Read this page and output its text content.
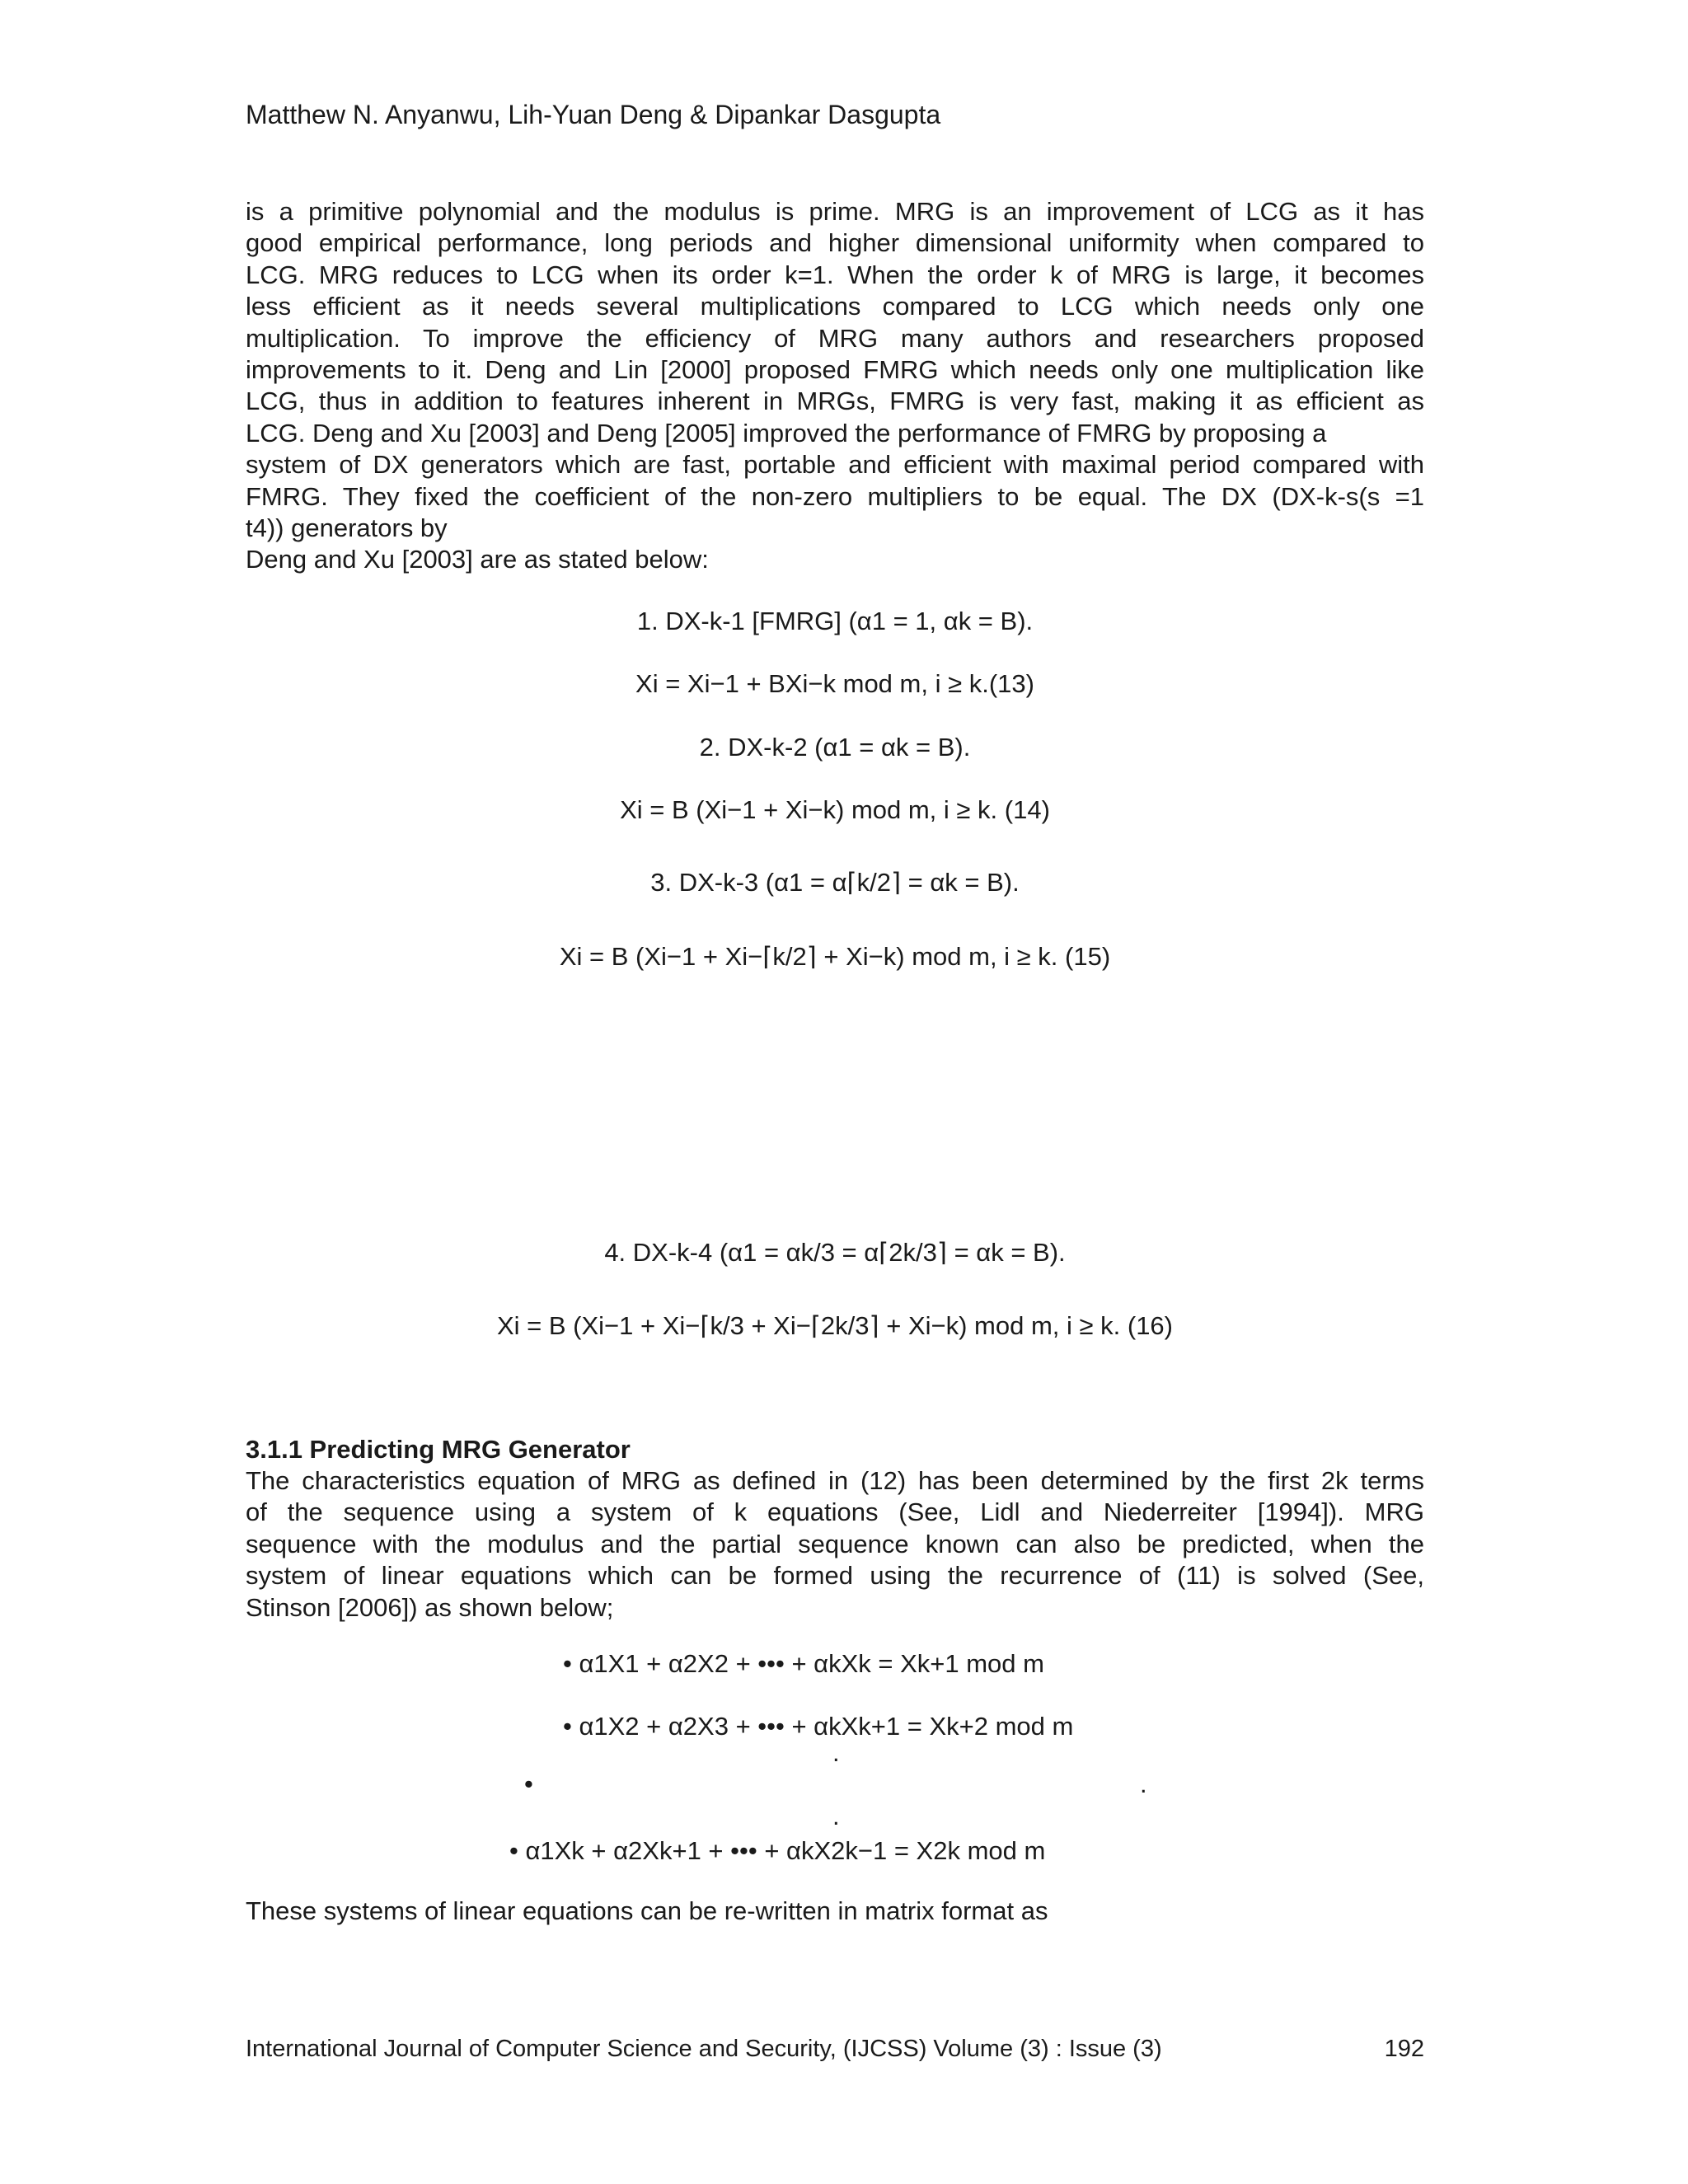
Matthew N. Anyanwu, Lih-Yuan Deng & Dipankar Dasgupta
is a primitive polynomial and the modulus is prime. MRG is an improvement of LCG as it has
good empirical performance, long periods and higher dimensional uniformity when compared to
LCG. MRG reduces to LCG when its order k=1. When the order k of MRG is large, it becomes
less efficient as it needs several multiplications compared to LCG which needs only one
multiplication. To improve the efficiency of MRG many authors and researchers proposed
improvements to it. Deng and Lin [2000] proposed FMRG which needs only one multiplication like
LCG, thus in addition to features inherent in MRGs, FMRG is very fast, making it as efficient as
LCG. Deng and Xu [2003] and Deng [2005] improved the performance of FMRG by proposing a
system of DX generators which are fast, portable and efficient with maximal period compared with
FMRG. They fixed the coefficient of the non-zero multipliers to be equal. The DX (DX-k-s(s =1
t4)) generators by
Deng and Xu [2003] are as stated below:
1. DX-k-1 [FMRG] (α1 = 1, αk = B).
Xi = Xi−1 + BXi−k mod m, i ≥ k.(13)
2. DX-k-2 (α1 = αk = B).
Xi = B (Xi−1 + Xi−k) mod m, i ≥ k. (14)
3. DX-k-3 (α1 = α⌈k/2⌉ = αk = B).
Xi = B (Xi−1 + Xi−⌈k/2⌉ + Xi−k) mod m, i ≥ k. (15)
4. DX-k-4 (α1 = αk/3 = α⌈2k/3⌉ = αk = B).
Xi = B (Xi−1 + Xi−⌈k/3 + Xi−⌈2k/3⌉ + Xi−k) mod m, i ≥ k. (16)
3.1.1 Predicting MRG Generator
The characteristics equation of MRG as defined in (12) has been determined by the first 2k terms
of the sequence using a system of k equations (See, Lidl and Niederreiter [1994]). MRG
sequence with the modulus and the partial sequence known can also be predicted, when the
system of linear equations which can be formed using the recurrence of (11) is solved (See,
Stinson [2006]) as shown below;
• α1X1 + α2X2 + ••• + αkXk = Xk+1 mod m
• α1X2 + α2X3 + ••• + αkXk+1 = Xk+2 mod m
.
•	.
.
• α1Xk + α2Xk+1 + ••• + αkX2k−1 = X2k mod m
These systems of linear equations can be re-written in matrix format as
International Journal of Computer Science and Security, (IJCSS) Volume (3) : Issue (3)	192
